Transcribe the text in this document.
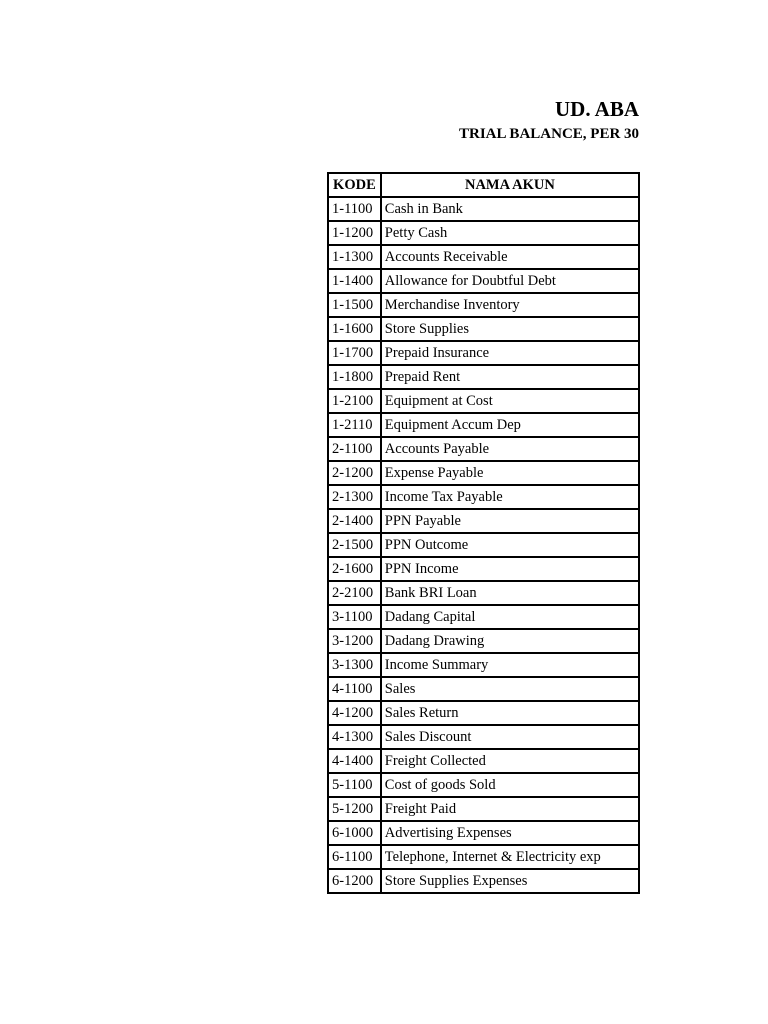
UD. ABA
TRIAL BALANCE, PER 30
KODE	NAMA AKUN
1-1100	Cash in Bank
1-1200	Petty Cash
1-1300	Accounts Receivable
1-1400	Allowance for Doubtful Debt
1-1500	Merchandise Inventory
1-1600	Store Supplies
1-1700	Prepaid Insurance
1-1800	Prepaid Rent
1-2100	Equipment at Cost
1-2110	Equipment Accum Dep
2-1100	Accounts Payable
2-1200	Expense Payable
2-1300	Income Tax Payable
2-1400	PPN Payable
2-1500	PPN Outcome
2-1600	PPN Income
2-2100	Bank BRI Loan
3-1100	Dadang Capital
3-1200	Dadang Drawing
3-1300	Income Summary
4-1100	Sales
4-1200	Sales Return
4-1300	Sales Discount
4-1400	Freight Collected
5-1100	Cost of goods Sold
5-1200	Freight Paid
6-1000	Advertising Expenses
6-1100	Telephone, Internet & Electricity exp
6-1200	Store Supplies Expenses
